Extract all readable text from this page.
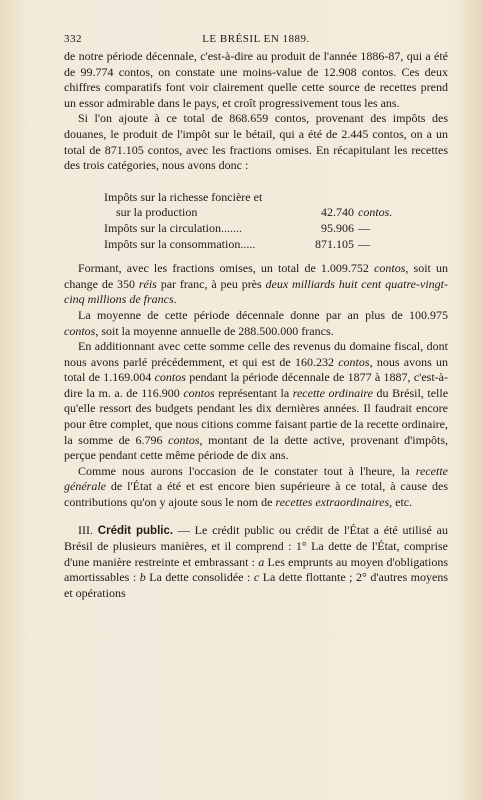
332	LE BRÉSIL EN 1889.

de notre période décennale, c'est-à-dire au produit de l'année 1886-87, qui a été de 99.774 contos, on constate une moins-value de 12.908 contos. Ces deux chiffres comparatifs font voir clairement quelle cette source de recettes prend un essor admirable dans le pays, et croît progressivement tous les ans.

Si l'on ajoute à ce total de 868.659 contos, provenant des impôts des douanes, le produit de l'impôt sur le bétail, qui a été de 2.445 contos, on a un total de 871.105 contos, avec les fractions omises. En récapitulant les recettes des trois catégories, nous avons donc :

Impôts sur la richesse foncière et
sur la production	42.740 contos.
Impôts sur la circulation.......	95.906 —
Impôts sur la consommation.....	871.105 —

Formant, avec les fractions omises, un total de 1.009.752 contos, soit un change de 350 réis par franc, à peu près deux milliards huit cent quatre-vingt-cinq millions de francs.

La moyenne de cette période décennale donne par an plus de 100.975 contos, soit la moyenne annuelle de 288.500.000 francs.

En additionnant avec cette somme celle des revenus du domaine fiscal, dont nous avons parlé précédemment, et qui est de 160.232 contos, nous avons un total de 1.169.004 contos pendant la période décennale de 1877 à 1887, c'est-à-dire la m. a. de 116.900 contos représentant la recette ordinaire du Brésil, telle qu'elle ressort des budgets pendant les dix dernières années. Il faudrait encore pour être complet, que nous citions comme faisant partie de la recette ordinaire, la somme de 6.796 contos, montant de la dette active, provenant d'impôts, perçue pendant cette même période de dix ans.

Comme nous aurons l'occasion de le constater tout à l'heure, la recette générale de l'État a été et est encore bien supérieure à ce total, à cause des contributions qu'on y ajoute sous le nom de recettes extraordinaires, etc.

III. Crédit public. — Le crédit public ou crédit de l'État a été utilisé au Brésil de plusieurs manières, et il comprend : 1° La dette de l'État, comprise d'une manière restreinte et embrassant : a Les emprunts au moyen d'obligations amortissables : b La dette consolidée : c La dette flottante ; 2° d'autres moyens et opérations
